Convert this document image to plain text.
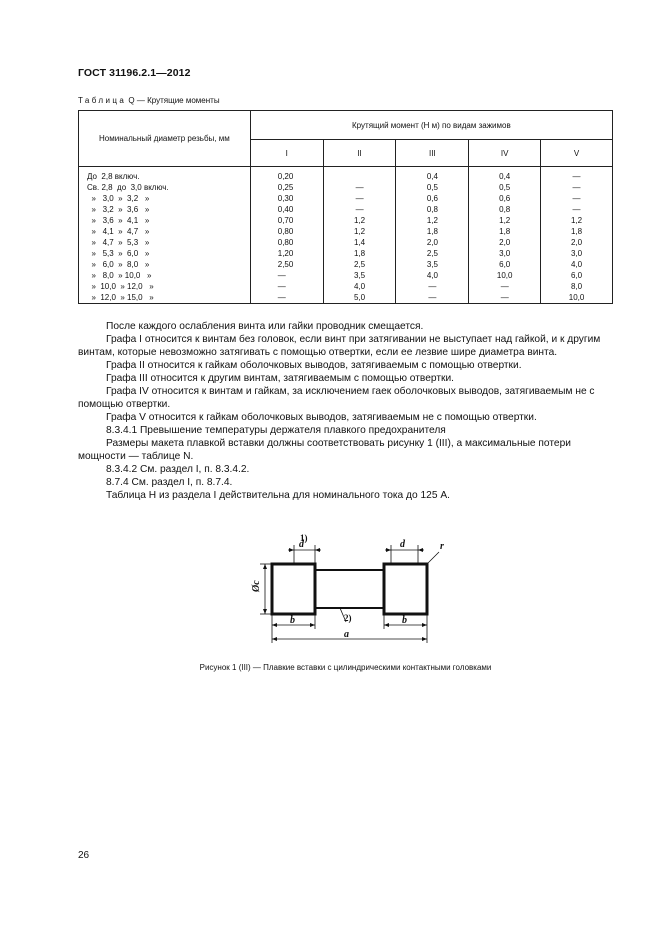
ГОСТ 31196.2.1—2012
Таблица Q — Крутящие моменты
Номинальный диаметр резьбы, мм	Крутящий момент (Н м) по видам зажимов				
	I	II	III	IV	V
До  2,8 включ.	0,20		0,4	0,4	—
Св. 2,8  до  3,0 включ.	0,25	—	0,5	0,5	—
»   3,0  »  3,2   »	0,30	—	0,6	0,6	—
»   3,2  »  3,6   »	0,40	—	0,8	0,8	—
»   3,6  »  4,1   »	0,70	1,2	1,2	1,2	1,2
»   4,1  »  4,7   »	0,80	1,2	1,8	1,8	1,8
»   4,7  »  5,3   »	0,80	1,4	2,0	2,0	2,0
»   5,3  »  6,0   »	1,20	1,8	2,5	3,0	3,0
»   6,0  »  8,0   »	2,50	2,5	3,5	6,0	4,0
»   8,0  » 10,0   »	—	3,5	4,0	10,0	6,0
»  10,0  » 12,0   »	—	4,0	—	—	8,0
»  12,0  » 15,0   »	—	5,0	—	—	10,0
После каждого ослабления винта или гайки проводник смещается.
Графа I относится к винтам без головок, если винт при затягивании не выступает над гайкой, и к другим винтам, которые невозможно затягивать с помощью отвертки, если ее лезвие шире диаметра винта.
Графа II относится к гайкам оболочковых выводов, затягиваемым с помощью отвертки.
Графа III относится к другим винтам, затягиваемым с помощью отвертки.
Графа IV относится к винтам и гайкам, за исключением гаек оболочковых выводов, затягиваемым не с помощью отвертки.
Графа V относится к гайкам оболочковых выводов, затягиваемым не с помощью отвертки.
8.3.4.1 Превышение температуры держателя плавкого предохранителя
Размеры макета плавкой вставки должны соответствовать рисунку 1 (III), а максимальные потери мощности — таблице N.
8.3.4.2 См. раздел I, п. 8.3.4.2.
8.7.4 См. раздел I, п. 8.7.4.
Таблица Н из раздела I действительна для номинального тока до 125 А.
d
1)
d	r
Øc
b	b
a
2)
Рисунок 1 (III) — Плавкие вставки с цилиндрическими контактными головками
26
